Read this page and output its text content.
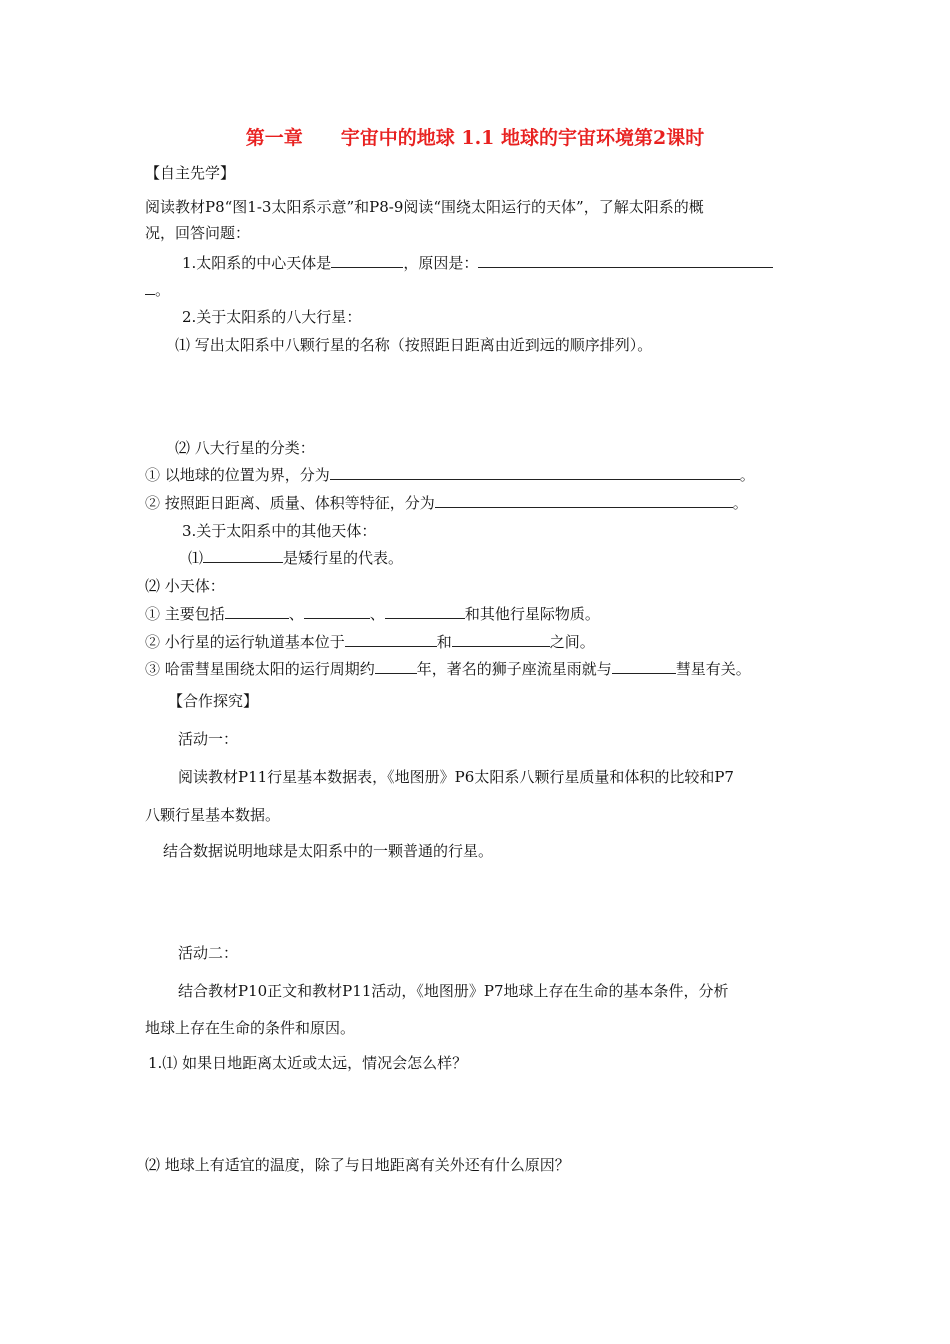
第一章　　宇宙中的地球 1.1 地球的宇宙环境第2课时
【自主先学】
阅读教材P8“图1-3太阳系示意”和P8-9阅读“围绕太阳运行的天体”，了解太阳系的概
况，回答问题：
1.太阳系的中心天体是	，原因是：
。
2.关于太阳系的八大行星：
⑴ 写出太阳系中八颗行星的名称（按照距日距离由近到远的顺序排列）。
⑵ 八大行星的分类：
① 以地球的位置为界，分为	。
② 按照距日距离、质量、体积等特征，分为	。
3.关于太阳系中的其他天体：
⑴	是矮行星的代表。
⑵ 小天体：
① 主要包括	、	、	和其他行星际物质。
② 小行星的运行轨道基本位于	和	之间。
③ 哈雷彗星围绕太阳的运行周期约	年，著名的狮子座流星雨就与	彗星有关。
【合作探究】
活动一：
阅读教材P11行星基本数据表，《地图册》P6太阳系八颗行星质量和体积的比较和P7
八颗行星基本数据。
结合数据说明地球是太阳系中的一颗普通的行星。
活动二：
结合教材P10正文和教材P11活动，《地图册》P7地球上存在生命的基本条件，分析
地球上存在生命的条件和原因。
1.⑴ 如果日地距离太近或太远，情况会怎么样？
⑵ 地球上有适宜的温度，除了与日地距离有关外还有什么原因？
